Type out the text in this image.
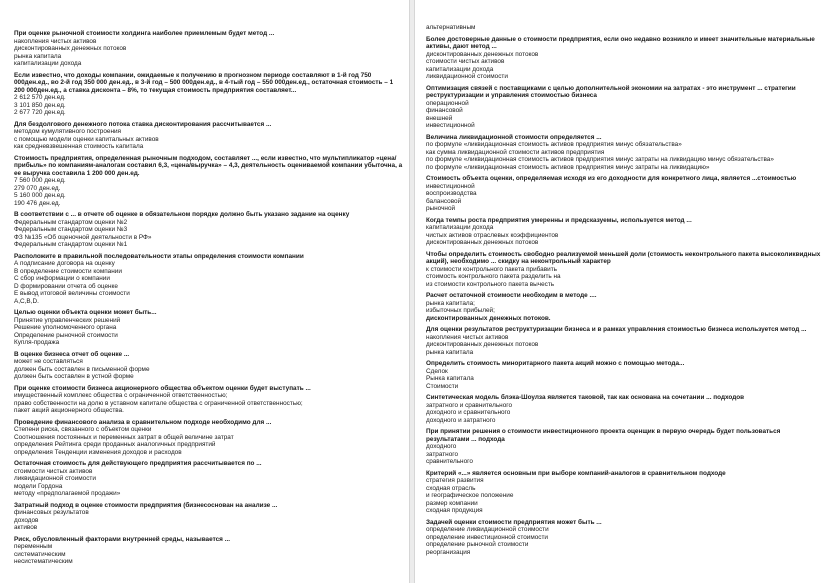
При оценке рыночной стоимости холдинга наиболее приемлемым будет метод ...
накопления чистых активов
дисконтированных денежных потоков
рынка капитала
капитализации дохода
Если известно, что доходы компании, ожидаемые к получению в прогнозном периоде составляют в 1-й год 750 000ден.ед., во 2-й год 350 000 ден.ед., в 3-й год – 500 000ден.ед., в 4-тый год – 550 000ден.ед., остаточная стоимость – 1 200 000ден.ед., а ставка дисконта – 8%, то текущая стоимость предприятия составляет...
2 612 570 ден.ед.
3 101 850 ден.ед.
2 677 720 ден.ед.
Для бездолгового денежного потока ставка дисконтирования рассчитывается ...
методом кумулятивного построения
с помощью модели оценки капитальных активов
как средневзвешенная стоимость капитала
Стоимость предприятия, определенная рыночным подходом, составляет ..., если известно, что мультипликатор «цена/прибыль» по компаниям-аналогам составил 6,3, «цена/выручка» – 4,3, деятельность оцениваемой компании убыточна, а ее выручка составила 1 200 000 ден.ед.
7 560 000 ден.ед.
279 070 ден.ед.
5 160 000 ден.ед.
190 476 ден.ед.
В соответствии с ... в отчете об оценке в обязательном порядке должно быть указано задание на оценку
Федеральным стандартом оценки №2
Федеральным стандартом оценки №3
ФЗ №135 «Об оценочной деятельности в РФ»
Федеральным стандартом оценки №1
Расположите в правильной последовательности этапы определения стоимости компании
А подписание договора на оценку
В определение стоимости компании
С сбор информации о компании
D формировании отчета об оценке
Е вывод итоговой величины стоимости
A,C,B,D.
Целью оценки объекта оценки может быть...
Принятие управленческих решений
Решение уполномоченного органа
Определение рыночной стоимости
Купля-продажа
В оценке бизнеса отчет об оценке ...
может не составляться
должен быть составлен в письменной форме
должен быть составлен в устной форме
При оценке стоимости бизнеса акционерного общества объектом оценки будет выступать ...
имущественный комплекс общества с ограниченной ответственностью;
право собственности на долю в уставном капитале общества с ограниченной ответственностью;
пакет акций акционерного общества.
Проведение финансового анализа в сравнительном подходе необходимо для ...
Степени риска, связанного с объектом оценки
Соотношения постоянных и переменных затрат в общей величине затрат
определения Рейтинга среди проданных аналогичных предприятий
определения Тенденции изменения доходов и расходов
Остаточная стоимость для действующего предприятия рассчитывается по ...
стоимости чистых активов
ликвидационной стоимости
модели Гордона
методу «предполагаемой продажи»
Затратный подход в оценке стоимости предприятия (бизнесоснован на анализе ...
финансовых результатов
доходов
активов
Риск, обусловленный факторами внутренней среды, называется ...
переменным
систематическим
несистематическим
альтернативным
Более достоверные данные о стоимости предприятия, если оно недавно возникло и имеет значительные материальные активы, дают метод ...
дисконтированных денежных потоков
стоимости чистых активов
капитализации дохода
ликвидационной стоимости
Оптимизация связей с поставщиками с целью дополнительной экономии на затратах - это инструмент ... стратегии реструктуризации и управления стоимостью бизнеса
операционной
финансовой
внешней
инвестиционной
Величина ликвидационной стоимости определяется ...
по формуле «ликвидационная стоимость активов предприятия минус обязательства»
как сумма ликвидационной стоимости активов предприятия
по формуле «ликвидационная стоимость активов предприятия минус затраты на ликвидацию минус обязательства»
по формуле «ликвидационная стоимость активов предприятия минус затраты на ликвидацию»
Стоимость объекта оценки, определяемая исходя из его доходности для конкретного лица, является ...стоимостью
инвестиционной
воспроизводства
балансовой
рыночной
Когда темпы роста предприятия умеренны и предсказуемы, используется метод ...
капитализации дохода
чистых активов отраслевых коэффициентов
дисконтированных денежных потоков
Чтобы определить стоимость свободно реализуемой меньшей доли (стоимость неконтрольного пакета высоколиквидных акций), необходимо ... скидку на неконтрольный характер
к стоимости контрольного пакета прибавить
стоимость контрольного пакета разделить на
из стоимости контрольного пакета вычесть
Расчет остаточной стоимости необходим в методе ....
рынка капитала;
избыточных прибылей;
дисконтированных денежных потоков.
Для оценки результатов реструктуризации бизнеса и в рамках управления стоимостью бизнеса используется метод ...
накопления чистых активов
дисконтированных денежных потоков
рынка капитала
Определить стоимость миноритарного пакета акций можно с помощью метода...
Сделок
Рынка капитала
Стоимости
Синтетическая модель блэка-Шоулза является таковой, так как основана на сочетании ... подходов
затратного и сравнительного
доходного и сравнительного
доходного и затратного
При принятии решения о стоимости инвестиционного проекта оценщик в первую очередь будет пользоваться результатами ... подхода
доходного
затратного
сравнительного
Критерий «...» является основным при выборе компаний-аналогов в сравнительном подходе
стратегия развития
сходная отрасль
и географическое положение
размер компании
сходная продукция
Задачей оценки стоимости предприятия может быть ...
определение ликвидационной стоимости
определение инвестиционной стоимости
определение рыночной стоимости
реорганизация
